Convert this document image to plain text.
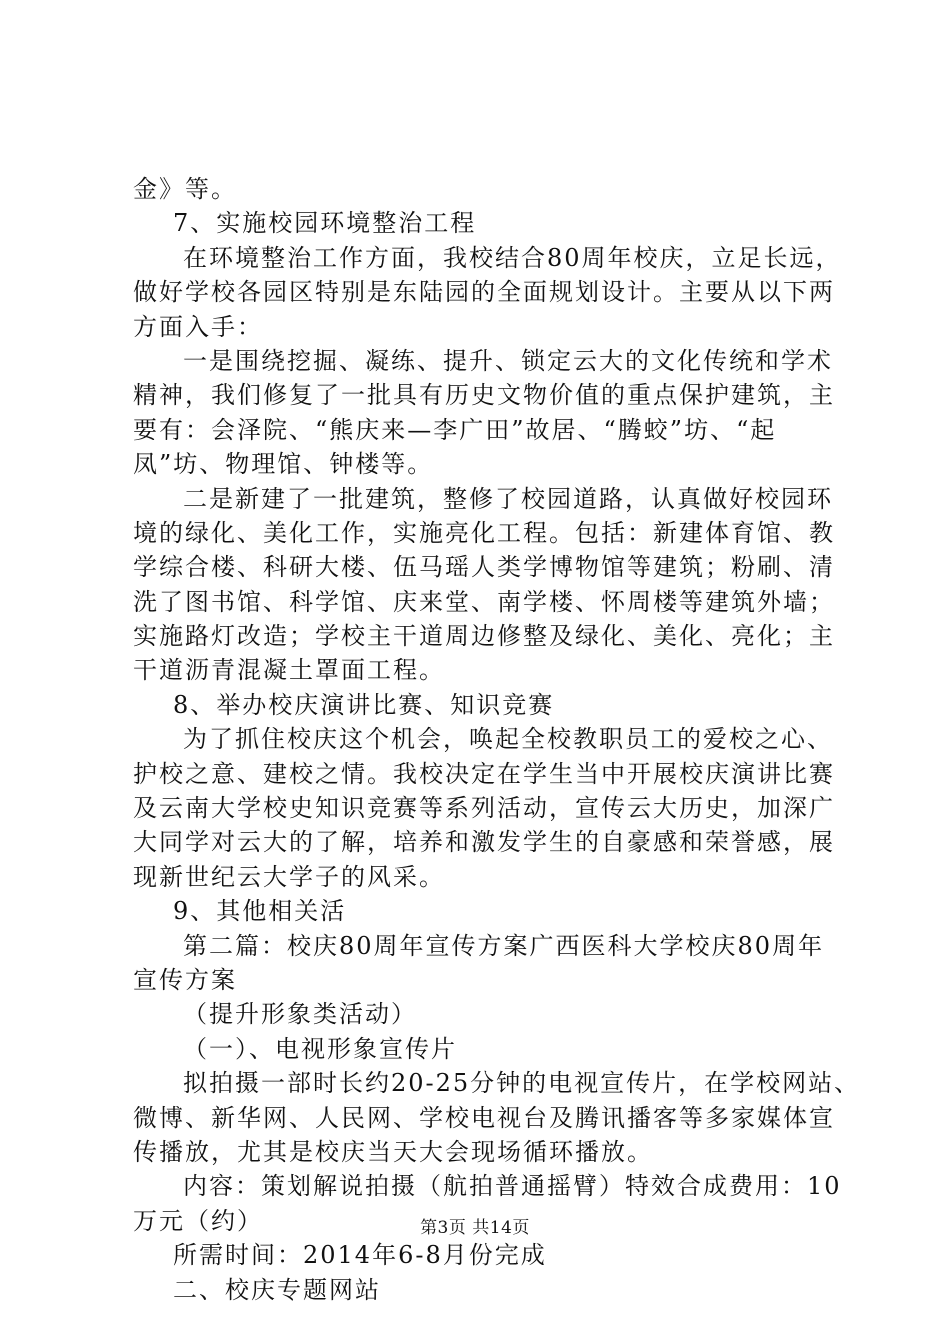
金》等。
7、实施校园环境整治工程
在环境整治工作方面，我校结合80周年校庆，立足长远，
做好学校各园区特别是东陆园的全面规划设计。主要从以下两
方面入手：
一是围绕挖掘、凝练、提升、锁定云大的文化传统和学术
精神，我们修复了一批具有历史文物价值的重点保护建筑，主
要有：会泽院、“熊庆来—李广田”故居、“腾蛟”坊、“起
凤”坊、物理馆、钟楼等。
二是新建了一批建筑，整修了校园道路，认真做好校园环
境的绿化、美化工作，实施亮化工程。包括：新建体育馆、教
学综合楼、科研大楼、伍马瑶人类学博物馆等建筑；粉刷、清
洗了图书馆、科学馆、庆来堂、南学楼、怀周楼等建筑外墙；
实施路灯改造；学校主干道周边修整及绿化、美化、亮化；主
干道沥青混凝土罩面工程。
8、举办校庆演讲比赛、知识竞赛
为了抓住校庆这个机会，唤起全校教职员工的爱校之心、
护校之意、建校之情。我校决定在学生当中开展校庆演讲比赛
及云南大学校史知识竞赛等系列活动，宣传云大历史，加深广
大同学对云大的了解，培养和激发学生的自豪感和荣誉感，展
现新世纪云大学子的风采。
9、其他相关活
第二篇：校庆80周年宣传方案广西医科大学校庆80周年
宣传方案
（提升形象类活动）
（一）、电视形象宣传片
拟拍摄一部时长约20-25分钟的电视宣传片，在学校网站、
微博、新华网、人民网、学校电视台及腾讯播客等多家媒体宣
传播放，尤其是校庆当天大会现场循环播放。
内容：策划解说拍摄（航拍普通摇臂）特效合成费用：10
万元（约）
所需时间：2014年6-8月份完成
二、校庆专题网站
第3页 共14页
